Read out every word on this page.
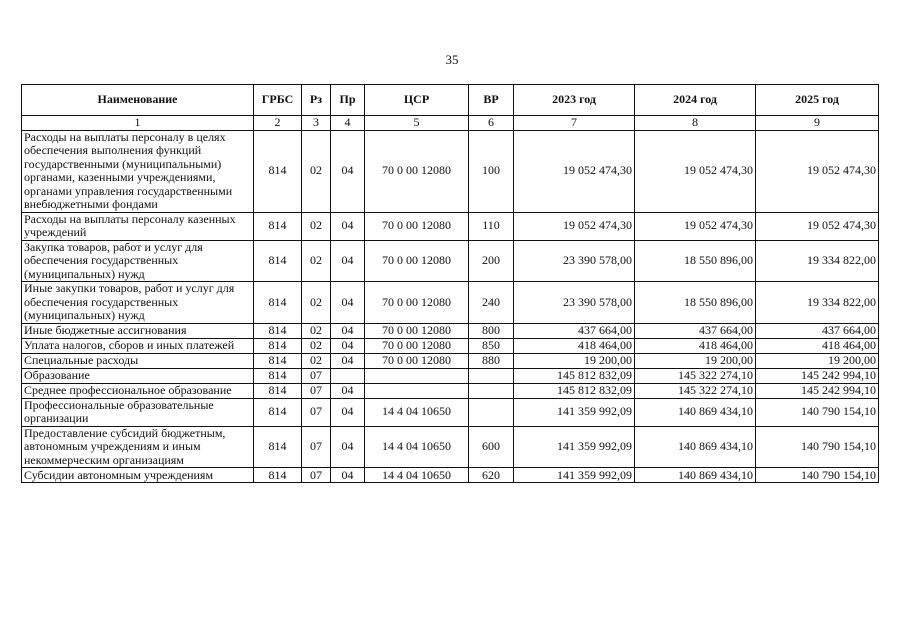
35
Наименование	ГРБС	Рз	Пр	ЦСР	ВР	2023 год	2024 год	2025 год
1	2	3	4	5	6	7	8	9
Расходы на выплаты персоналу в целях обеспечения выполнения функций государственными (муниципальными) органами, казенными учреждениями, органами управления государственными внебюджетными фондами	814	02	04	70 0 00 12080	100	19 052 474,30	19 052 474,30	19 052 474,30
Расходы на выплаты персоналу казенных учреждений	814	02	04	70 0 00 12080	110	19 052 474,30	19 052 474,30	19 052 474,30
Закупка товаров, работ и услуг для обеспечения государственных (муниципальных) нужд	814	02	04	70 0 00 12080	200	23 390 578,00	18 550 896,00	19 334 822,00
Иные закупки товаров, работ и услуг для обеспечения государственных (муниципальных) нужд	814	02	04	70 0 00 12080	240	23 390 578,00	18 550 896,00	19 334 822,00
Иные бюджетные ассигнования	814	02	04	70 0 00 12080	800	437 664,00	437 664,00	437 664,00
Уплата налогов, сборов и иных платежей	814	02	04	70 0 00 12080	850	418 464,00	418 464,00	418 464,00
Специальные расходы	814	02	04	70 0 00 12080	880	19 200,00	19 200,00	19 200,00
Образование	814	07				145 812 832,09	145 322 274,10	145 242 994,10
Среднее профессиональное образование	814	07	04			145 812 832,09	145 322 274,10	145 242 994,10
Профессиональные образовательные организации	814	07	04	14 4 04 10650		141 359 992,09	140 869 434,10	140 790 154,10
Предоставление субсидий бюджетным, автономным учреждениям и иным некоммерческим организациям	814	07	04	14 4 04 10650	600	141 359 992,09	140 869 434,10	140 790 154,10
Субсидии автономным учреждениям	814	07	04	14 4 04 10650	620	141 359 992,09	140 869 434,10	140 790 154,10
